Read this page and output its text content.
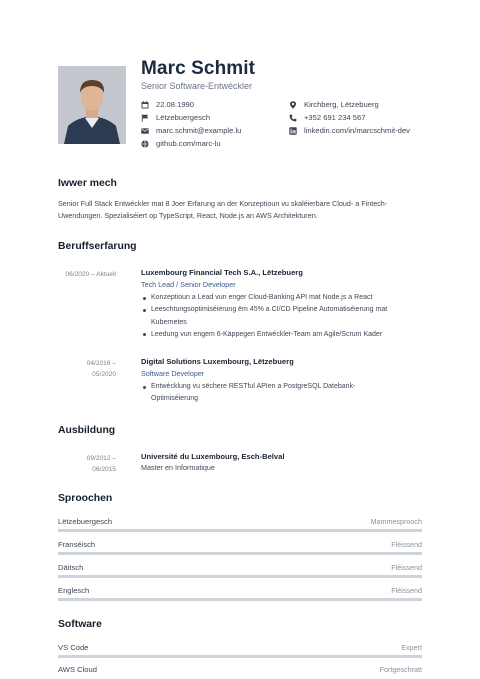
Marc Schmit
Senior Software-Entwéckler
22.08.1990	Kirchberg, Lëtzebuerg
Lëtzebuergesch	+352 691 234 567
marc.schmit@example.lu	linkedin.com/in/marcschmit-dev
github.com/marc-lu
Iwwer mech
Senior Full Stack Entwéckler mat 8 Joer Erfarung an der Konzeptioun vu skaléierbare Cloud- a Fintech-Uwendungen. Spezialiséiert op TypeScript, React, Node.js an AWS Architekturen.
Beruffserfarung
06/2020 – Aktuell	Luxembourg Financial Tech S.A., Lëtzebuerg
Tech Lead / Senior Developer
Konzeptioun a Lead vun enger Cloud-Banking API mat Node.js a React
Leeschtungsoptimiséierung ëm 45% a CI/CD Pipeline Automatiséierung mat Kubernetes
Leedung vun engem 6-Käppegen Entwéckler-Team am Agile/Scrum Kader
04/2016 –
05/2020
Digital Solutions Luxembourg, Lëtzebuerg
Software Developer
Entwécklung vu sëchere RESTful APIen a PostgreSQL Datebank-Optimiséierung
Ausbildung
09/2012 –
06/2015
Université du Luxembourg, Esch-Belval
Master en Informatique
Sproochen
Lëtzebuergesch	Mammesprooch
Franséisch	Fléissend
Däitsch	Fléissend
Englesch	Fléissend
Software
VS Code	Expert
AWS Cloud	Fortgeschratt
